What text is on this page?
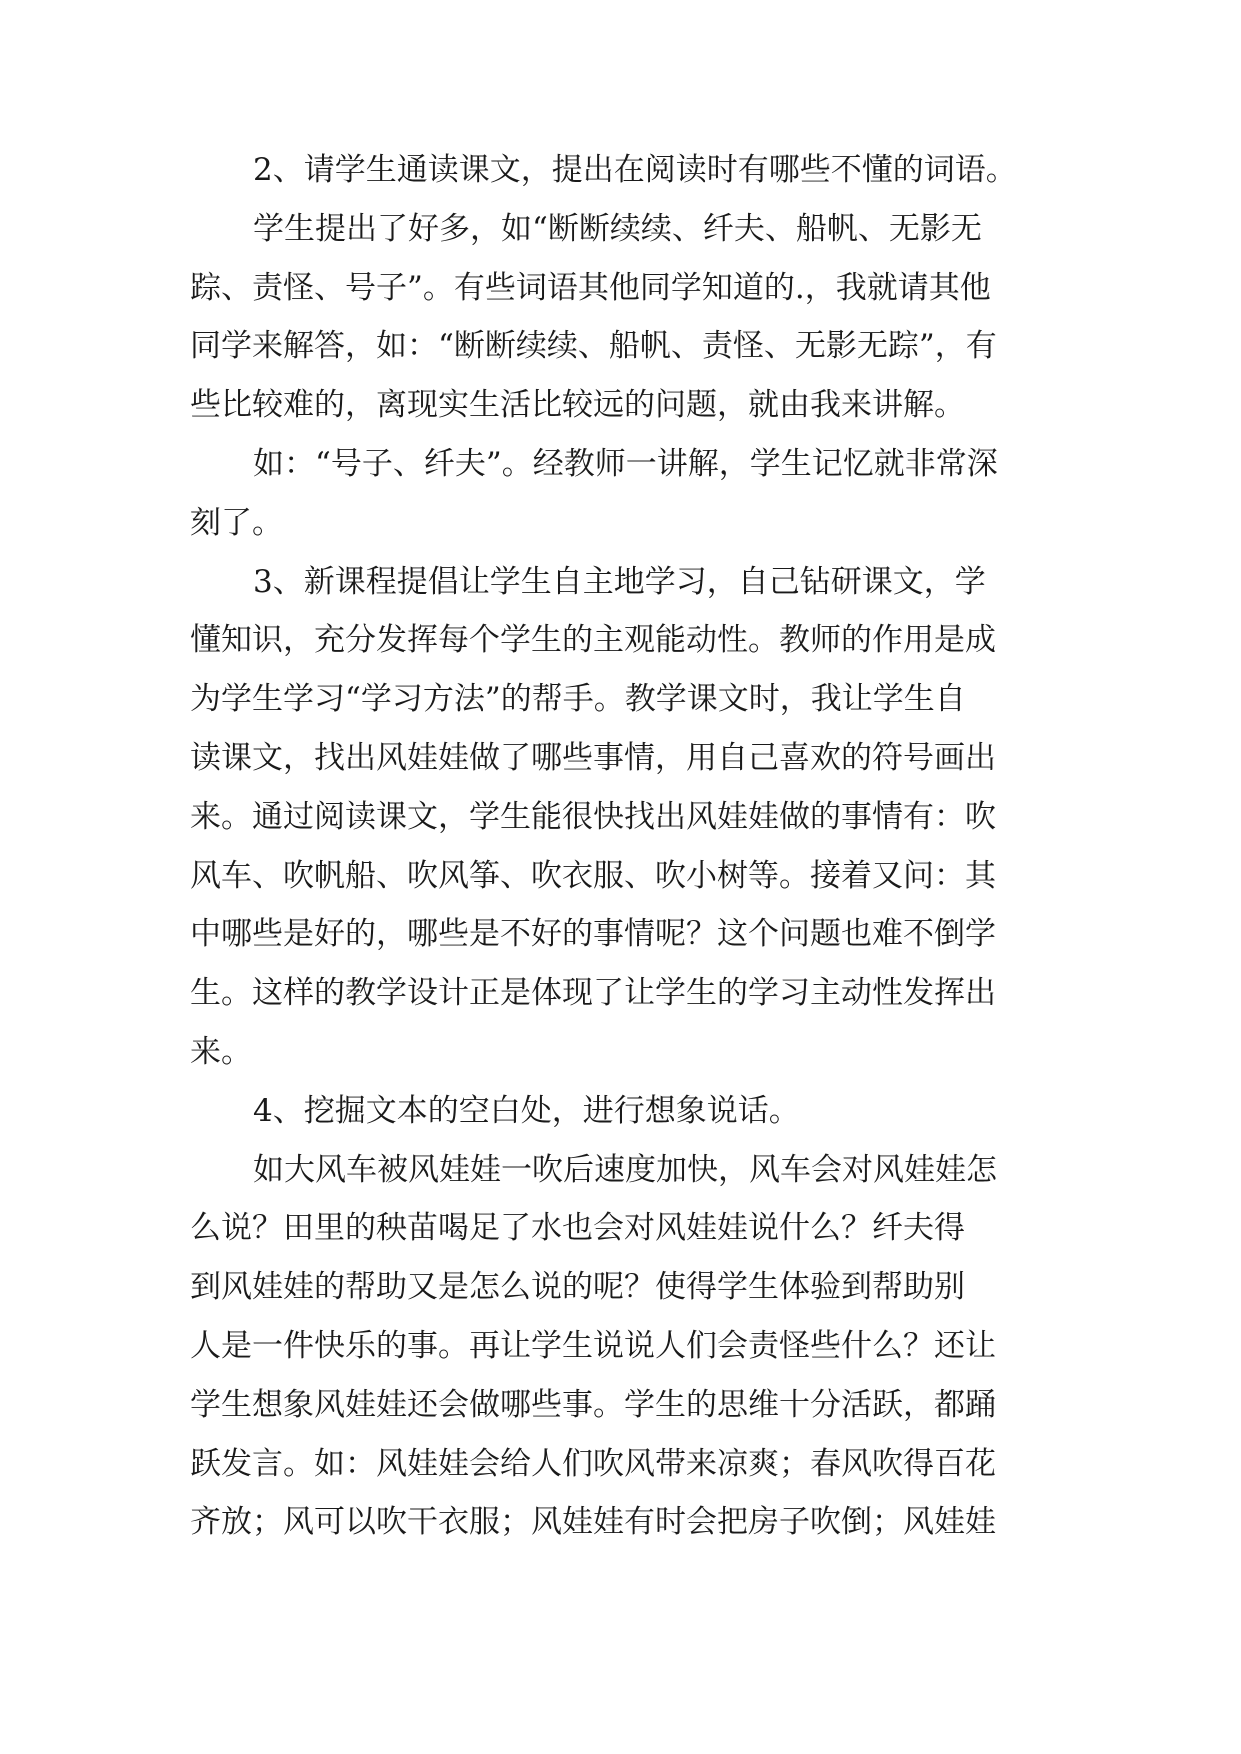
2、请学生通读课文，提出在阅读时有哪些不懂的词语。
学生提出了好多，如“断断续续、纤夫、船帆、无影无
踪、责怪、号子”。有些词语其他同学知道的.，我就请其他
同学来解答，如：“断断续续、船帆、责怪、无影无踪”，有
些比较难的，离现实生活比较远的问题，就由我来讲解。
如：“号子、纤夫”。经教师一讲解，学生记忆就非常深
刻了。
3、新课程提倡让学生自主地学习，自己钻研课文，学
懂知识，充分发挥每个学生的主观能动性。教师的作用是成
为学生学习“学习方法”的帮手。教学课文时，我让学生自
读课文，找出风娃娃做了哪些事情，用自己喜欢的符号画出
来。通过阅读课文，学生能很快找出风娃娃做的事情有：吹
风车、吹帆船、吹风筝、吹衣服、吹小树等。接着又问：其
中哪些是好的，哪些是不好的事情呢？这个问题也难不倒学
生。这样的教学设计正是体现了让学生的学习主动性发挥出
来。
4、挖掘文本的空白处，进行想象说话。
如大风车被风娃娃一吹后速度加快，风车会对风娃娃怎
么说？田里的秧苗喝足了水也会对风娃娃说什么？纤夫得
到风娃娃的帮助又是怎么说的呢？使得学生体验到帮助别
人是一件快乐的事。再让学生说说人们会责怪些什么？还让
学生想象风娃娃还会做哪些事。学生的思维十分活跃，都踊
跃发言。如：风娃娃会给人们吹风带来凉爽；春风吹得百花
齐放；风可以吹干衣服；风娃娃有时会把房子吹倒；风娃娃
